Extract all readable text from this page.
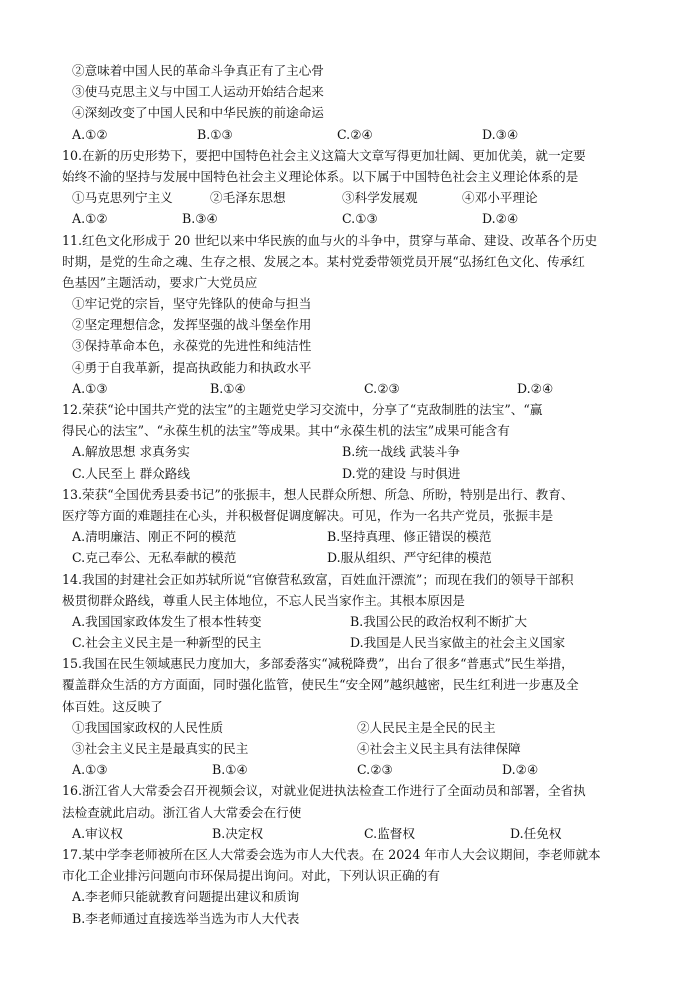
②意味着中国人民的革命斗争真正有了主心骨
③使马克思主义与中国工人运动开始结合起来
④深刻改变了中国人民和中华民族的前途命运
A.①②	B.①③	C.②④	D.③④
10.在新的历史形势下，要把中国特色社会主义这篇大文章写得更加壮阔、更加优美，就一定要
始终不渝的坚持与发展中国特色社会主义理论体系。以下属于中国特色社会主义理论体系的是
①马克思列宁主义	②毛泽东思想	③科学发展观	④邓小平理论
A.①②	B.③④	C.①③	D.②④
11.红色文化形成于 20 世纪以来中华民族的血与火的斗争中，贯穿与革命、建设、改革各个历史
时期，是党的生命之魂、生存之根、发展之本。某村党委带领党员开展“弘扬红色文化、传承红
色基因”主题活动，要求广大党员应
①牢记党的宗旨，坚守先锋队的使命与担当
②坚定理想信念，发挥坚强的战斗堡垒作用
③保持革命本色，永葆党的先进性和纯洁性
④勇于自我革新，提高执政能力和执政水平
A.①③	B.①④	C.②③	D.②④
12.荣获“论中国共产党的法宝”的主题党史学习交流中，分享了“克敌制胜的法宝”、“赢
得民心的法宝”、“永葆生机的法宝”等成果。其中“永葆生机的法宝”成果可能含有
A.解放思想 求真务实	B.统一战线 武装斗争
C.人民至上 群众路线	D.党的建设 与时俱进
13.荣获“全国优秀县委书记”的张振丰，想人民群众所想、所急、所盼，特别是出行、教育、
医疗等方面的难题挂在心头，并积极督促调度解决。可见，作为一名共产党员，张振丰是
A.清明廉洁、刚正不阿的模范	B.坚持真理、修正错误的模范
C.克己奉公、无私奉献的模范	D.服从组织、严守纪律的模范
14.我国的封建社会正如苏轼所说“官僚营私致富，百姓血汗漂流”；而现在我们的领导干部积
极贯彻群众路线，尊重人民主体地位，不忘人民当家作主。其根本原因是
A.我国国家政体发生了根本性转变	B.我国公民的政治权利不断扩大
C.社会主义民主是一种新型的民主	D.我国是人民当家做主的社会主义国家
15.我国在民生领域惠民力度加大，多部委落实“减税降费”，出台了很多“普惠式”民生举措，
覆盖群众生活的方方面面，同时强化监管，使民生“安全网”越织越密，民生红利进一步惠及全
体百姓。这反映了
①我国国家政权的人民性质	②人民民主是全民的民主
③社会主义民主是最真实的民主	④社会主义民主具有法律保障
A.①③	B.①④	C.②③	D.②④
16.浙江省人大常委会召开视频会议，对就业促进执法检查工作进行了全面动员和部署，全省执
法检查就此启动。浙江省人大常委会在行使
A.审议权	B.决定权	C.监督权	D.任免权
17.某中学李老师被所在区人大常委会选为市人大代表。在 2024 年市人大会议期间，李老师就本
市化工企业排污问题向市环保局提出询问。对此，下列认识正确的有
A.李老师只能就教育问题提出建议和质询
B.李老师通过直接选举当选为市人大代表
